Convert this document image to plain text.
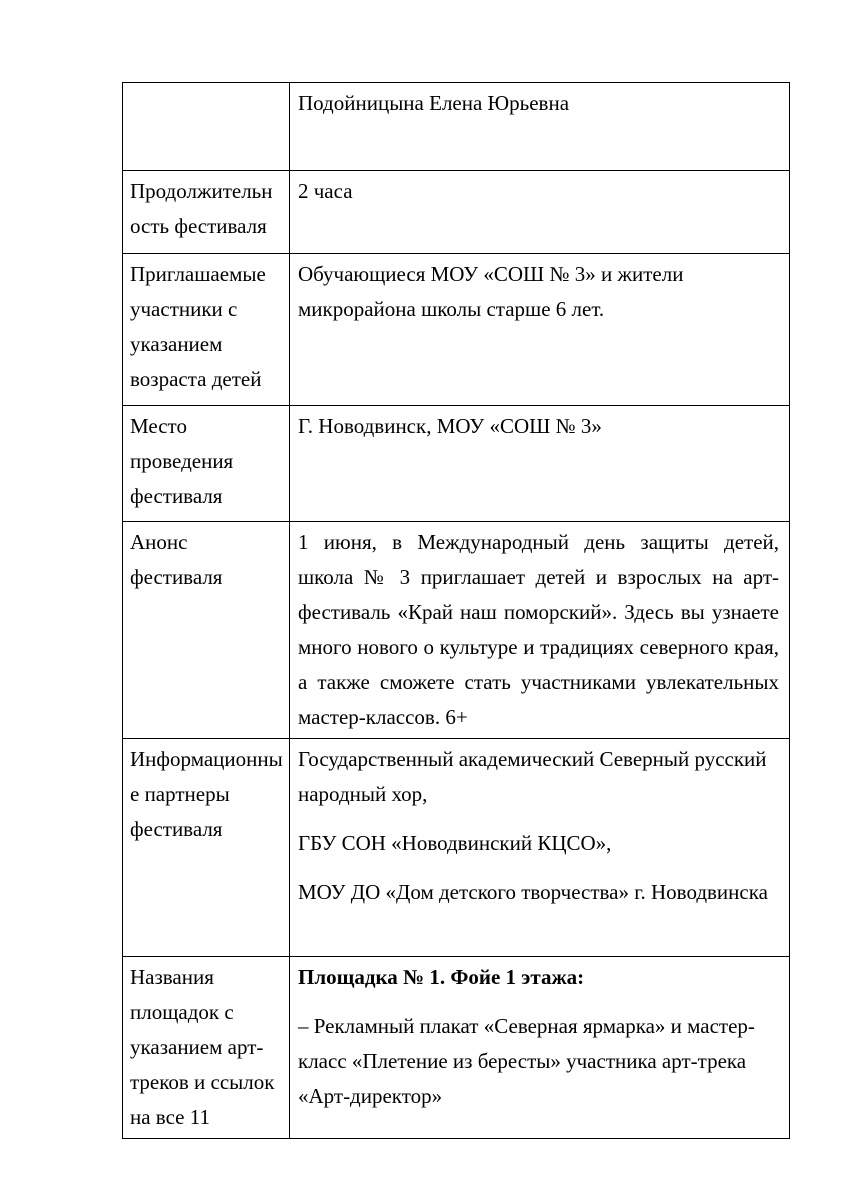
	Подойницына Елена Юрьевна

Продолжительность фестиваля	2 часа

Приглашаемые участники с указанием возраста детей	Обучающиеся МОУ «СОШ № 3» и жители микрорайона школы старше 6 лет.

Место проведения фестиваля	Г. Новодвинск, МОУ «СОШ № 3»

Анонс фестиваля	1 июня, в Международный день защиты детей, школа № 3 приглашает детей и взрослых на арт-фестиваль «Край наш поморский». Здесь вы узнаете много нового о культуре и традициях северного края, а также сможете стать участниками увлекательных мастер-классов. 6+

Информационные партнеры фестиваля	Государственный академический Северный русский народный хор,
ГБУ СОН «Новодвинский КЦСО»,
МОУ ДО «Дом детского творчества» г. Новодвинска

Названия площадок с указанием арт-треков и ссылок на все 11	Площадка № 1. Фойе 1 этажа:
– Рекламный плакат «Северная ярмарка» и мастер-класс «Плетение из бересты» участника арт-трека «Арт-директор»
